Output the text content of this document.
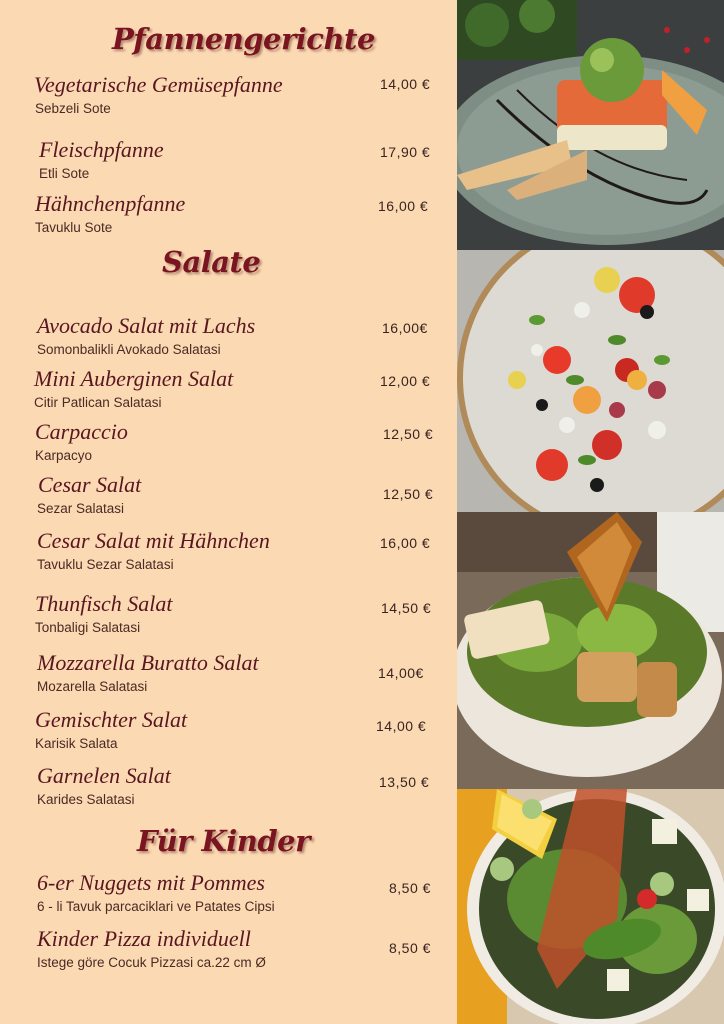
Pfannengerichte
Vegetarische Gemüsepfanne
Sebzeli Sote
14,00 €
Fleischpfanne
Etli Sote
17,90 €
Hähnchenpfanne
Tavuklu Sote
16,00 €
Salate
Avocado Salat mit Lachs
Somonbalikli Avokado Salatasi
16,00€
Mini Auberginen Salat
Citir Patlican Salatasi
12,00 €
Carpaccio
Karpacyo
12,50 €
Cesar Salat
Sezar Salatasi
12,50 €
Cesar Salat mit Hähnchen
Tavuklu Sezar Salatasi
16,00 €
Thunfisch Salat
Tonbaligi Salatasi
14,50 €
Mozzarella Buratto Salat
Mozarella Salatasi
14,00€
Gemischter Salat
Karisik Salata
14,00 €
Garnelen Salat
Karides Salatasi
13,50 €
Für Kinder
6-er Nuggets mit Pommes
6 - li Tavuk parcaciklari ve Patates Cipsi
8,50 €
Kinder Pizza individuell
Istege göre Cocuk Pizzasi ca.22 cm Ø
8,50 €
